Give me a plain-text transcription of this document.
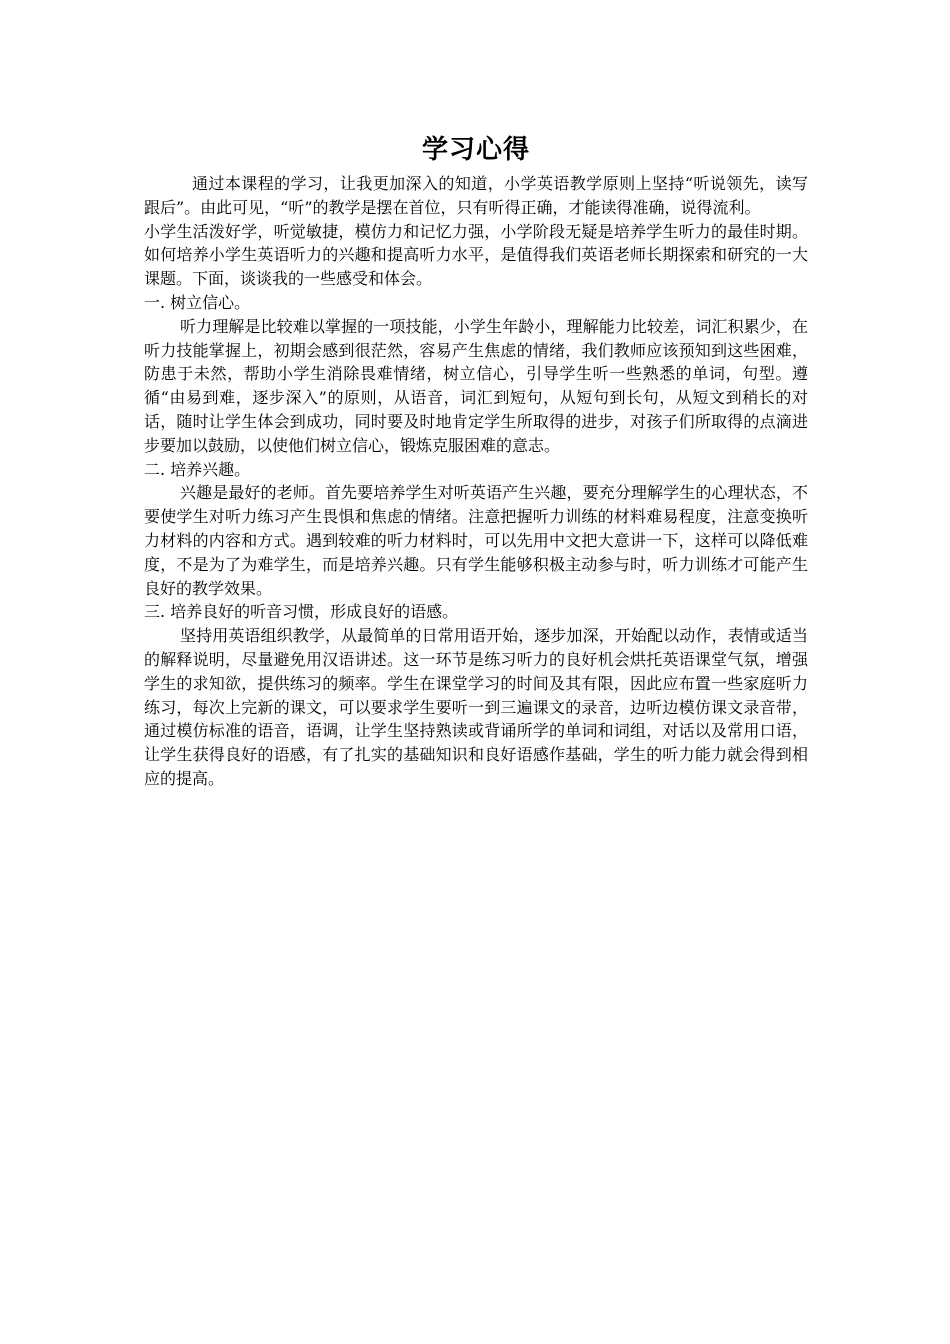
学习心得

通过本课程的学习，让我更加深入的知道，小学英语教学原则上坚持“听说领先，读写跟后”。由此可见，“听”的教学是摆在首位，只有听得正确，才能读得准确，说得流利。

小学生活泼好学，听觉敏捷，模仿力和记忆力强，小学阶段无疑是培养学生听力的最佳时期。如何培养小学生英语听力的兴趣和提高听力水平，是值得我们英语老师长期探索和研究的一大课题。下面，谈谈我的一些感受和体会。

一. 树立信心。

听力理解是比较难以掌握的一项技能，小学生年龄小，理解能力比较差，词汇积累少，在听力技能掌握上，初期会感到很茫然，容易产生焦虑的情绪，我们教师应该预知到这些困难，防患于未然，帮助小学生消除畏难情绪，树立信心，引导学生听一些熟悉的单词，句型。遵循“由易到难，逐步深入”的原则，从语音，词汇到短句，从短句到长句，从短文到稍长的对话，随时让学生体会到成功，同时要及时地肯定学生所取得的进步，对孩子们所取得的点滴进步要加以鼓励，以使他们树立信心，锻炼克服困难的意志。

二. 培养兴趣。

兴趣是最好的老师。首先要培养学生对听英语产生兴趣，要充分理解学生的心理状态，不要使学生对听力练习产生畏惧和焦虑的情绪。注意把握听力训练的材料难易程度，注意变换听力材料的内容和方式。遇到较难的听力材料时，可以先用中文把大意讲一下，这样可以降低难度，不是为了为难学生，而是培养兴趣。只有学生能够积极主动参与时，听力训练才可能产生良好的教学效果。

三. 培养良好的听音习惯，形成良好的语感。

坚持用英语组织教学，从最简单的日常用语开始，逐步加深，开始配以动作，表情或适当的解释说明，尽量避免用汉语讲述。这一环节是练习听力的良好机会烘托英语课堂气氛，增强学生的求知欲，提供练习的频率。学生在课堂学习的时间及其有限，因此应布置一些家庭听力练习，每次上完新的课文，可以要求学生要听一到三遍课文的录音，边听边模仿课文录音带，通过模仿标准的语音，语调，让学生坚持熟读或背诵所学的单词和词组，对话以及常用口语，让学生获得良好的语感，有了扎实的基础知识和良好语感作基础，学生的听力能力就会得到相应的提高。
